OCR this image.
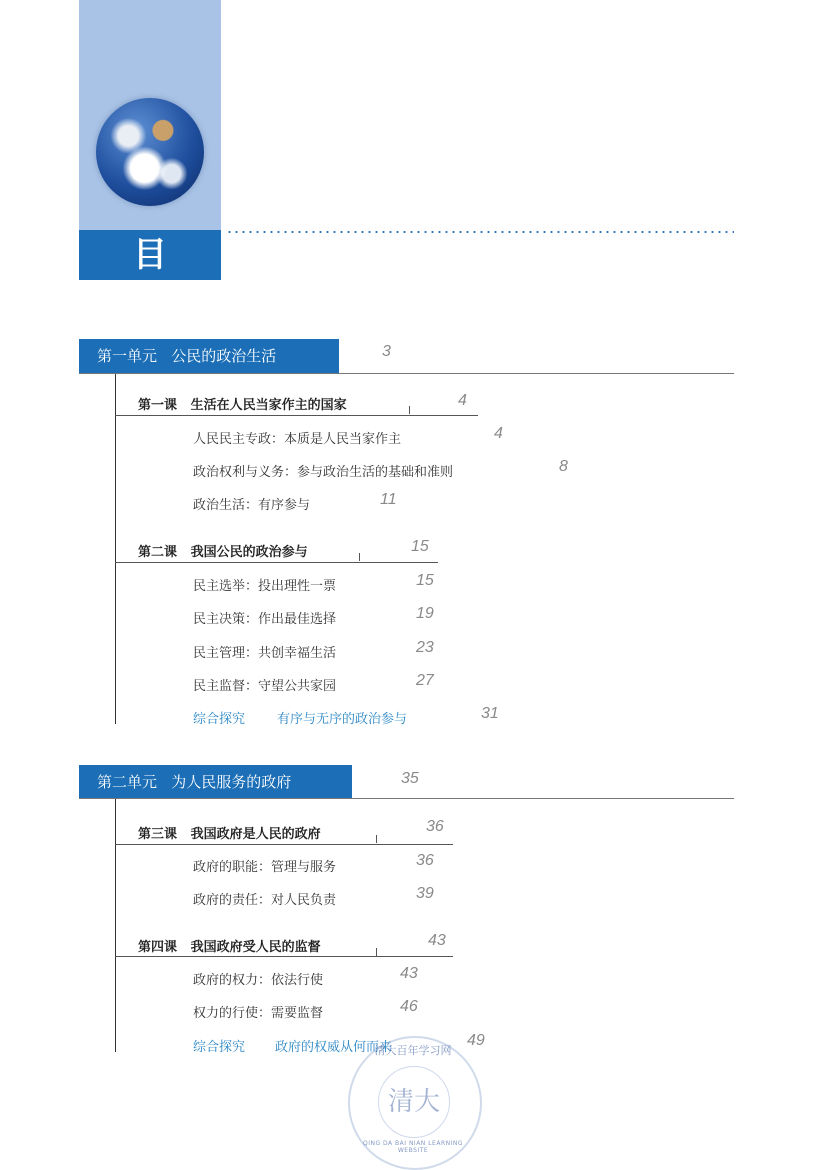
目 录
第一单元   公民的政治生活	3
第一课   生活在人民当家作主的国家	4
人民民主专政：本质是人民当家作主	4
政治权利与义务：参与政治生活的基础和准则	8
政治生活：有序参与	11
第二课   我国公民的政治参与	15
民主选举：投出理性一票	15
民主决策：作出最佳选择	19
民主管理：共创幸福生活	23
民主监督：守望公共家园	27
综合探究 有序与无序的政治参与	31
第二单元   为人民服务的政府	35
第三课   我国政府是人民的政府	36
政府的职能：管理与服务	36
政府的责任：对人民负责	39
第四课   我国政府受人民的监督	43
政府的权力：依法行使	43
权力的行使：需要监督	46
综合探究 政府的权威从何而来	49
清大
清大百年学习网
QING DA BAI NIAN LEARNING WEBSITE
